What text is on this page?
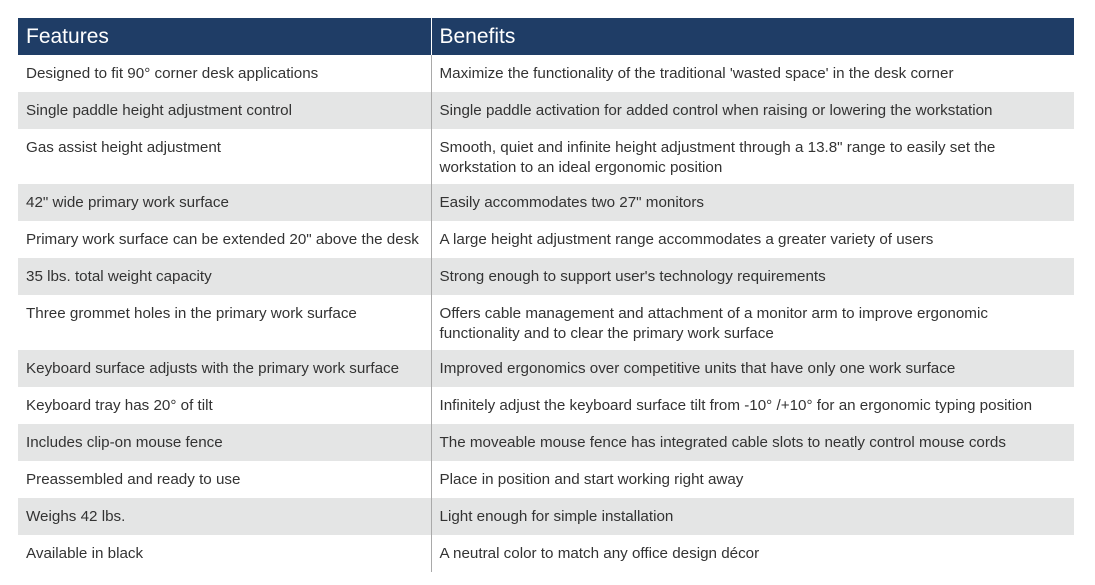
Features	Benefits
Designed to fit 90° corner desk applications	Maximize the functionality of the traditional 'wasted space' in the desk corner
Single paddle height adjustment control	Single paddle activation for added control when raising or lowering the workstation
Gas assist height adjustment	Smooth, quiet and infinite height adjustment through a 13.8" range to easily set the workstation to an ideal ergonomic position
42" wide primary work surface	Easily accommodates two 27" monitors
Primary work surface can be extended 20" above the desk	A large height adjustment range accommodates a greater variety of users
35 lbs. total weight capacity	Strong enough to support user's technology requirements
Three grommet holes in the primary work surface	Offers cable management and attachment of a monitor arm to improve ergonomic functionality and to clear the primary work surface
Keyboard surface adjusts with the primary work surface	Improved ergonomics over competitive units that have only one work surface
Keyboard tray has 20° of tilt	Infinitely adjust the keyboard surface tilt from -10° /+10° for an ergonomic typing position
Includes clip-on mouse fence	The moveable mouse fence has integrated cable slots to neatly control mouse cords
Preassembled and ready to use	Place in position and start working right away
Weighs 42 lbs.	Light enough for simple installation
Available in black	A neutral color to match any office design décor
